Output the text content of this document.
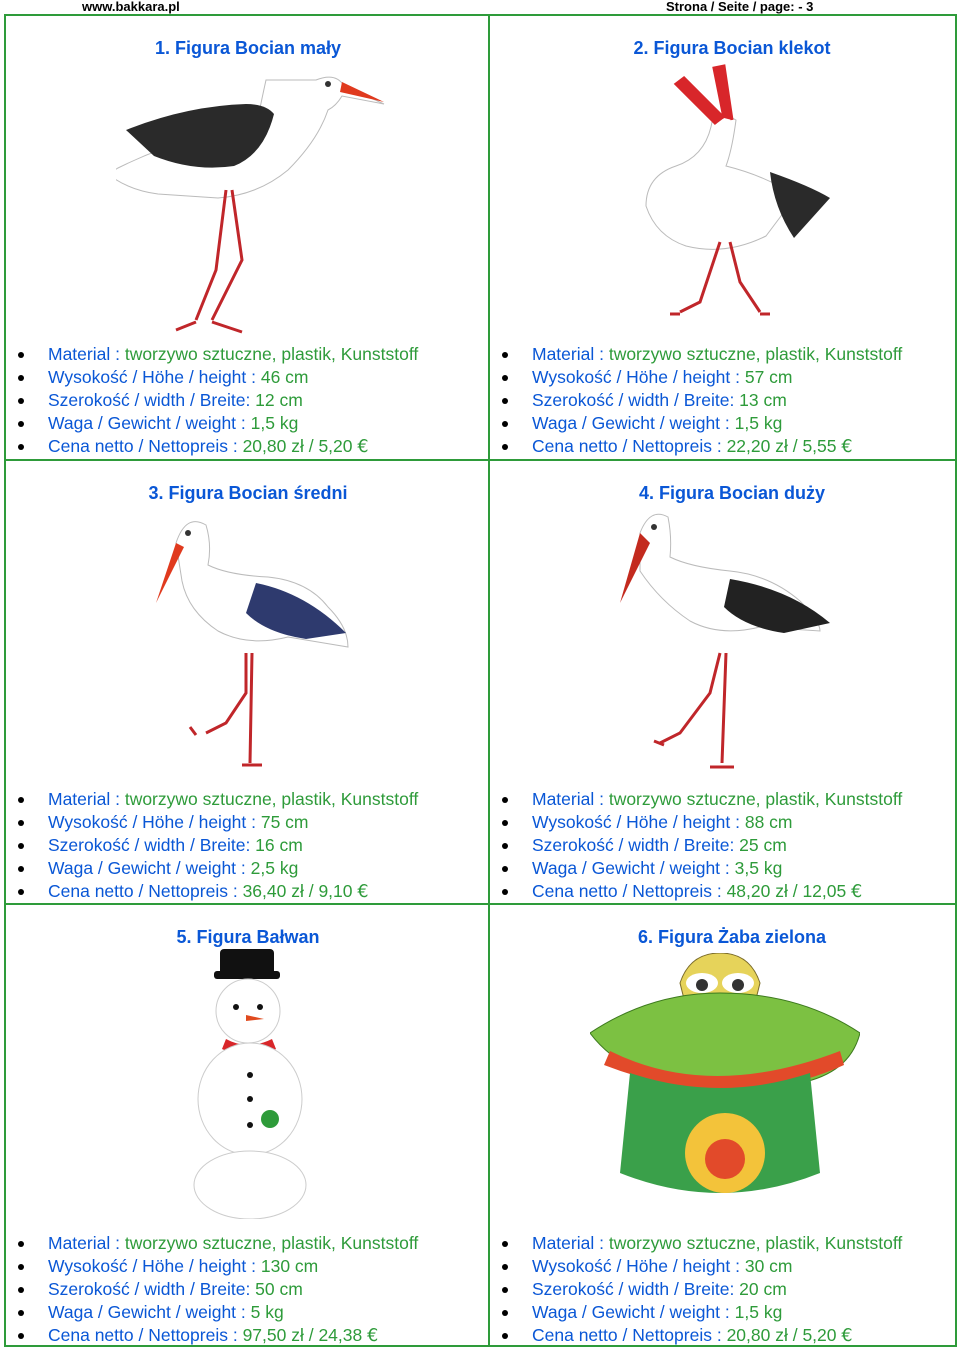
www.bakkara.pl	Strona / Seite / page: - 3
1. Figura Bocian mały
Material : tworzywo sztuczne, plastik, Kunststoff
Wysokość / Höhe / height : 46 cm
Szerokość / width / Breite: 12 cm
Waga / Gewicht / weight : 1,5 kg
Cena netto / Nettopreis : 20,80 zł / 5,20 €
2. Figura Bocian klekot
Material : tworzywo sztuczne, plastik, Kunststoff
Wysokość / Höhe / height : 57 cm
Szerokość / width / Breite: 13 cm
Waga / Gewicht / weight : 1,5 kg
Cena netto / Nettopreis : 22,20 zł / 5,55 €
3. Figura Bocian średni
Material : tworzywo sztuczne, plastik, Kunststoff
Wysokość / Höhe / height : 75 cm
Szerokość / width / Breite: 16 cm
Waga / Gewicht / weight : 2,5 kg
Cena netto / Nettopreis : 36,40 zł / 9,10 €
4. Figura Bocian duży
Material : tworzywo sztuczne, plastik, Kunststoff
Wysokość / Höhe / height : 88 cm
Szerokość / width / Breite: 25 cm
Waga / Gewicht / weight : 3,5 kg
Cena netto / Nettopreis : 48,20 zł / 12,05 €
5. Figura Bałwan
Material : tworzywo sztuczne, plastik, Kunststoff
Wysokość / Höhe / height : 130 cm
Szerokość / width / Breite: 50 cm
Waga / Gewicht / weight : 5 kg
Cena netto / Nettopreis : 97,50 zł / 24,38 €
6. Figura Żaba zielona
Material : tworzywo sztuczne, plastik, Kunststoff
Wysokość / Höhe / height : 30 cm
Szerokość / width / Breite: 20 cm
Waga / Gewicht / weight : 1,5 kg
Cena netto / Nettopreis : 20,80 zł / 5,20 €
